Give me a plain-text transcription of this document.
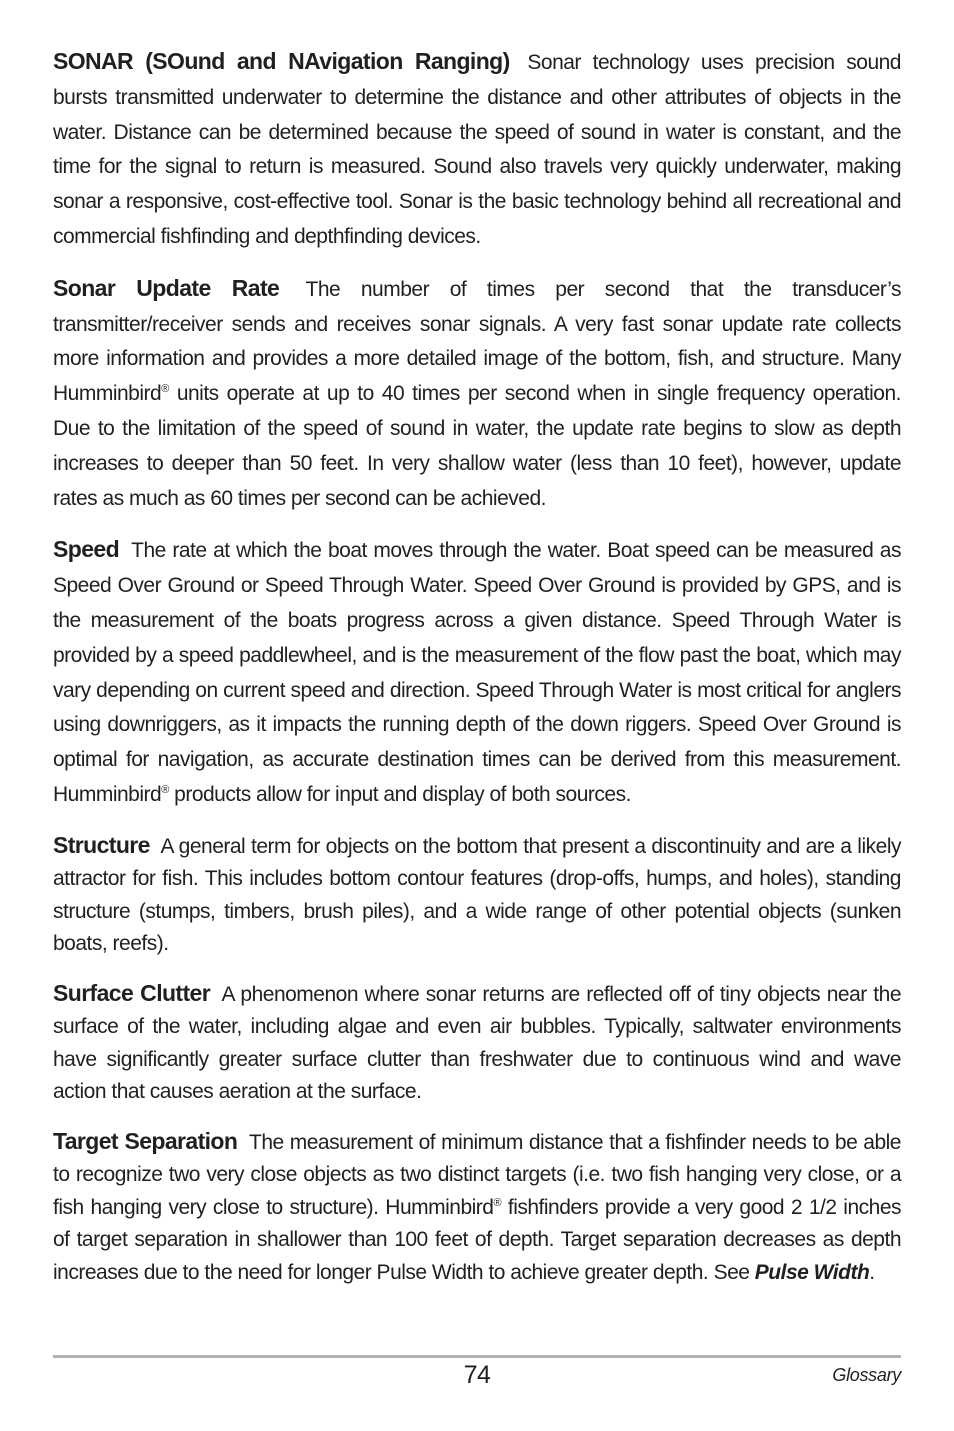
SONAR (SOund and NAvigation Ranging) Sonar technology uses precision sound bursts transmitted underwater to determine the distance and other attributes of objects in the water. Distance can be determined because the speed of sound in water is constant, and the time for the signal to return is measured. Sound also travels very quickly underwater, making sonar a responsive, cost-effective tool. Sonar is the basic technology behind all recreational and commercial fishfinding and depthfinding devices.

Sonar Update Rate The number of times per second that the transducer’s transmitter/receiver sends and receives sonar signals. A very fast sonar update rate collects more information and provides a more detailed image of the bottom, fish, and structure. Many Humminbird® units operate at up to 40 times per second when in single frequency operation. Due to the limitation of the speed of sound in water, the update rate begins to slow as depth increases to deeper than 50 feet. In very shallow water (less than 10 feet), however, update rates as much as 60 times per second can be achieved.

Speed The rate at which the boat moves through the water. Boat speed can be measured as Speed Over Ground or Speed Through Water. Speed Over Ground is provided by GPS, and is the measurement of the boats progress across a given distance. Speed Through Water is provided by a speed paddlewheel, and is the measurement of the flow past the boat, which may vary depending on current speed and direction. Speed Through Water is most critical for anglers using downriggers, as it impacts the running depth of the down riggers. Speed Over Ground is optimal for navigation, as accurate destination times can be derived from this measurement. Humminbird® products allow for input and display of both sources.

Structure A general term for objects on the bottom that present a discontinuity and are a likely attractor for fish. This includes bottom contour features (drop-offs, humps, and holes), standing structure (stumps, timbers, brush piles), and a wide range of other potential objects (sunken boats, reefs).

Surface Clutter A phenomenon where sonar returns are reflected off of tiny objects near the surface of the water, including algae and even air bubbles. Typically, saltwater environments have significantly greater surface clutter than freshwater due to continuous wind and wave action that causes aeration at the surface.

Target Separation The measurement of minimum distance that a fishfinder needs to be able to recognize two very close objects as two distinct targets (i.e. two fish hanging very close, or a fish hanging very close to structure). Humminbird® fishfinders provide a very good 2 1/2 inches of target separation in shallower than 100 feet of depth. Target separation decreases as depth increases due to the need for longer Pulse Width to achieve greater depth. See Pulse Width.

74	Glossary
